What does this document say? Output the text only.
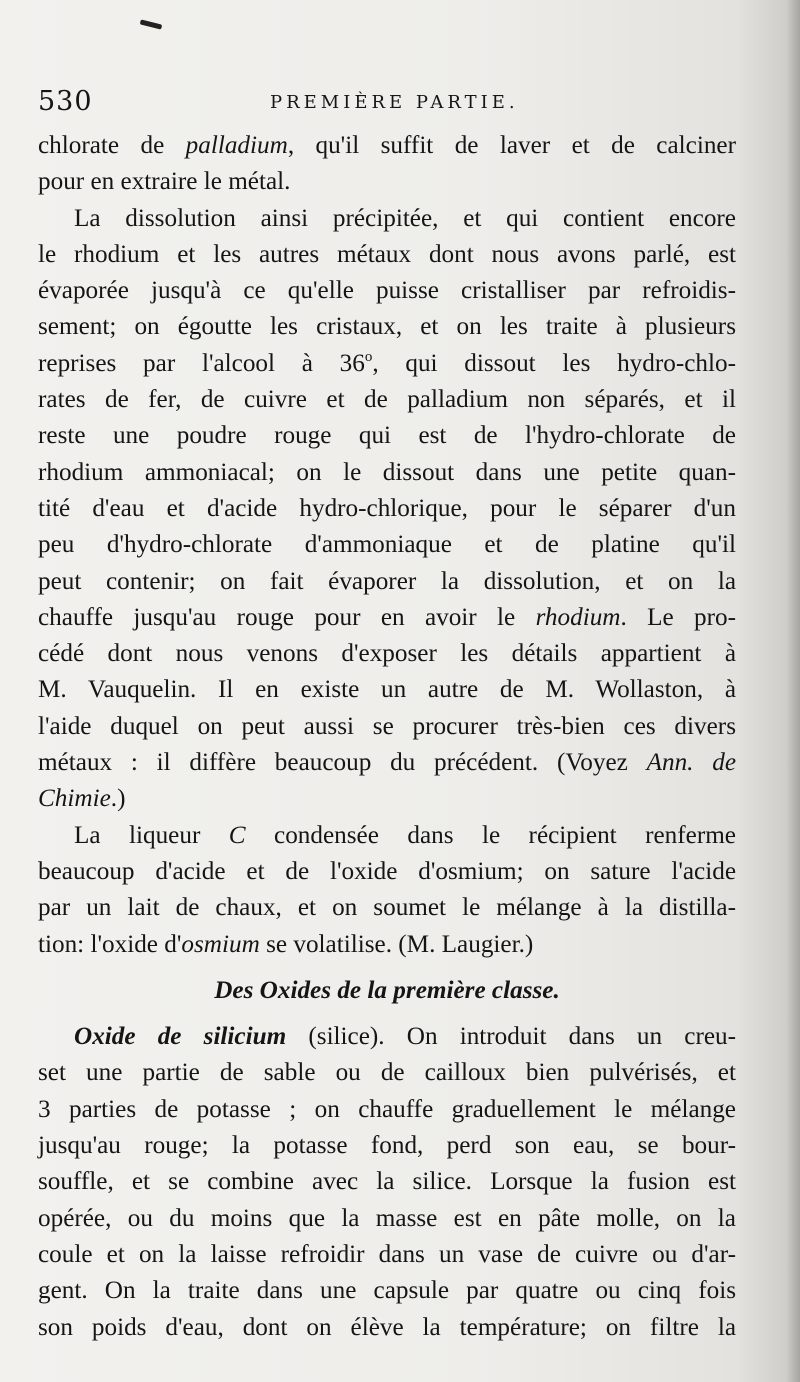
530	PREMIÈRE PARTIE.
chlorate de palladium, qu'il suffit de laver et de calciner
pour en extraire le métal.
La dissolution ainsi précipitée, et qui contient encore
le rhodium et les autres métaux dont nous avons parlé, est
évaporée jusqu'à ce qu'elle puisse cristalliser par refroidis-
sement; on égoutte les cristaux, et on les traite à plusieurs
reprises par l'alcool à 36$^o$, qui dissout les hydro-chlo-
rates de fer, de cuivre et de palladium non séparés, et il
reste une poudre rouge qui est de l'hydro-chlorate de
rhodium ammoniacal; on le dissout dans une petite quan-
tité d'eau et d'acide hydro-chlorique, pour le séparer d'un
peu d'hydro-chlorate d'ammoniaque et de platine qu'il
peut contenir; on fait évaporer la dissolution, et on la
chauffe jusqu'au rouge pour en avoir le rhodium. Le pro-
cédé dont nous venons d'exposer les détails appartient à
M. Vauquelin. Il en existe un autre de M. Wollaston, à
l'aide duquel on peut aussi se procurer très-bien ces divers
métaux : il diffère beaucoup du précédent. (Voyez Ann. de
Chimie.)
La liqueur C condensée dans le récipient renferme
beaucoup d'acide et de l'oxide d'osmium; on sature l'acide
par un lait de chaux, et on soumet le mélange à la distilla-
tion: l'oxide d'osmium se volatilise. (M. Laugier.)
Des Oxides de la première classe.
Oxide de silicium (silice). On introduit dans un creu-
set une partie de sable ou de cailloux bien pulvérisés, et
3 parties de potasse ; on chauffe graduellement le mélange
jusqu'au rouge; la potasse fond, perd son eau, se bour-
souffle, et se combine avec la silice. Lorsque la fusion est
opérée, ou du moins que la masse est en pâte molle, on la
coule et on la laisse refroidir dans un vase de cuivre ou d'ar-
gent. On la traite dans une capsule par quatre ou cinq fois
son poids d'eau, dont on élève la température; on filtre la
